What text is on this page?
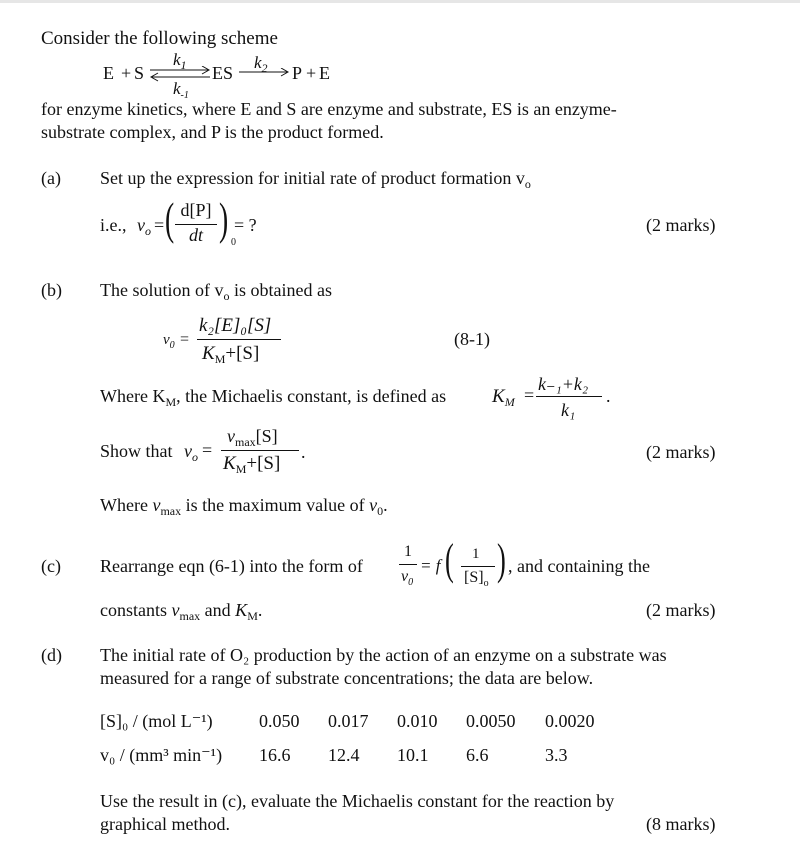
Consider the following scheme
E + S
$k_1$
$k_{-1}$
ES
$k_2$ P + E
for enzyme kinetics, where E and S are enzyme and substrate, ES is an enzyme-
substrate complex, and P is the product formed.
(a) Set up the expression for initial rate of product formation $v_o$
i.e., $v_o$ = ( d[P]
dt ) 0
= ?	(2 marks)
(b) The solution of $v_o$ is obtained as
$v_0$ =
k₂[E]₀[S]
$K_M+[S]$
(8-1)
Where $K_M$, the Michaelis constant, is defined as $K_M$ =
k₋₁+k₂
k₁
.
Show that $v_o$ =
$v_{max}[S]$
$K_M+[S]$
.	(2 marks)
Where $v_{max}$ is the maximum value of $v_0$.
(c) Rearrange eqn (6-1) into the form of
1
$v_0$
= f ( 1
$[S]_o$ ) , and containing the
constants $v_{max}$ and $K_M$.	(2 marks)
(d) The initial rate of O₂ production by the action of an enzyme on a substrate was
measured for a range of substrate concentrations; the data are below.
[S]₀ / (mol L⁻¹)	0.050 0.017 0.010 0.0050 0.0020
v₀ / (mm³ min⁻¹) 16.6 12.4 10.1 6.6	3.3
Use the result in (c), evaluate the Michaelis constant for the reaction by
graphical method.	(8 marks)
